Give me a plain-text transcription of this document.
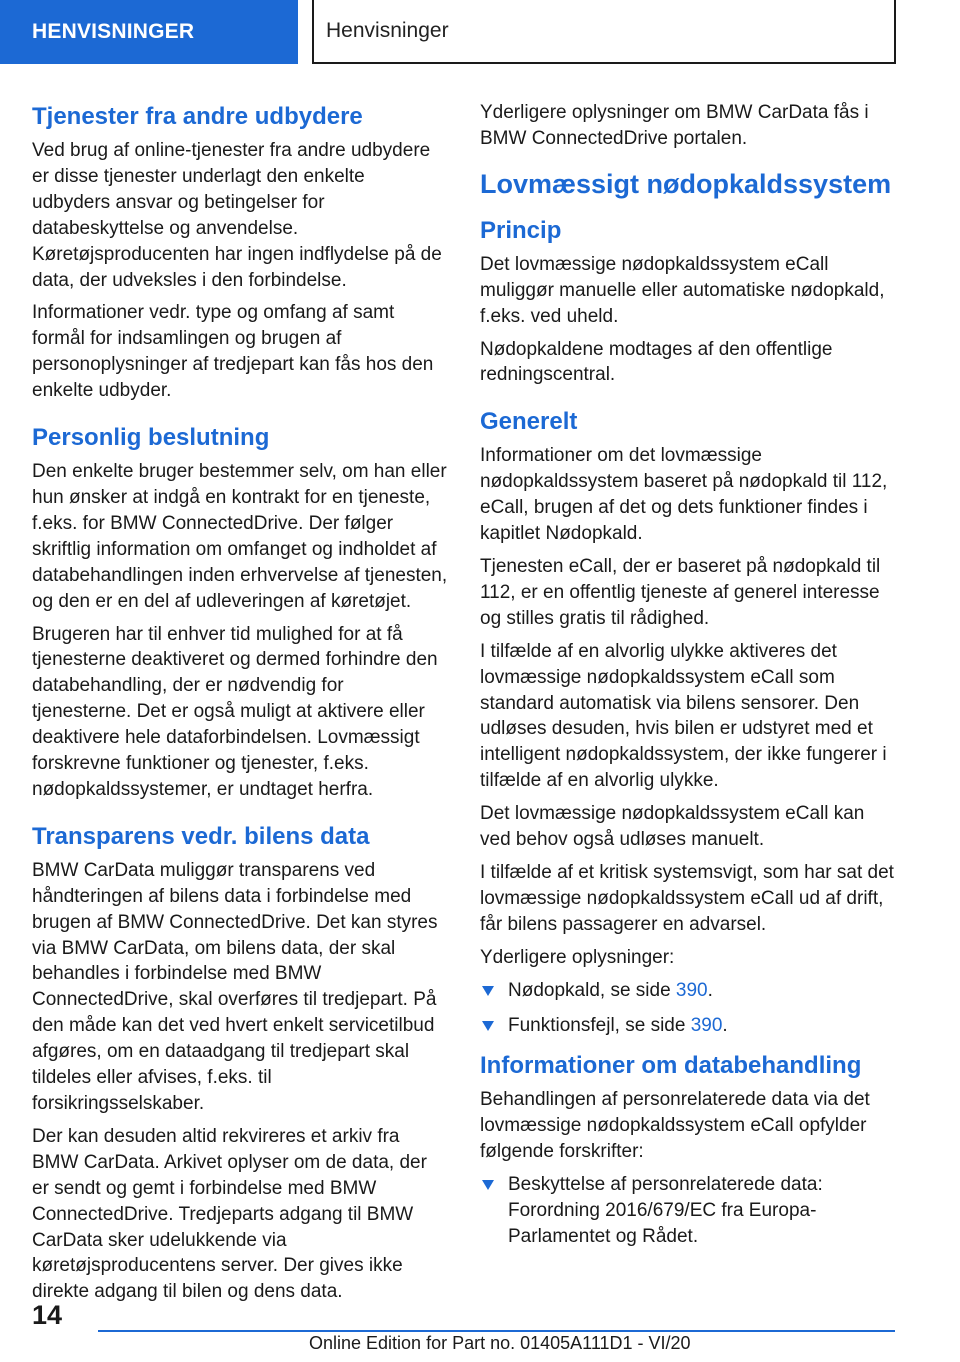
HENVISNINGER	Henvisninger
Tjenester fra andre udbydere

Ved brug af online-tjenester fra andre udbydere er disse tjenester underlagt den enkelte udbyders ansvar og betingelser for databeskyttelse og anvendelse. Køretøjsproducenten har ingen indflydelse på de data, der udveksles i den forbindelse.

Informationer vedr. type og omfang af samt formål for indsamlingen og brugen af personoplysninger af tredjepart kan fås hos den enkelte udbyder.

Personlig beslutning

Den enkelte bruger bestemmer selv, om han eller hun ønsker at indgå en kontrakt for en tjeneste, f.eks. for BMW ConnectedDrive. Der følger skriftlig information om omfanget og indholdet af databehandlingen inden erhvervelse af tjenesten, og den er en del af udleveringen af køretøjet.

Brugeren har til enhver tid mulighed for at få tjenesterne deaktiveret og dermed forhindre den databehandling, der er nødvendig for tjenesterne. Det er også muligt at aktivere eller deaktivere hele dataforbindelsen. Lovmæssigt forskrevne funktioner og tjenester, f.eks. nødopkaldssystemer, er undtaget herfra.

Transparens vedr. bilens data

BMW CarData muliggør transparens ved håndteringen af bilens data i forbindelse med brugen af BMW ConnectedDrive. Det kan styres via BMW CarData, om bilens data, der skal behandles i forbindelse med BMW ConnectedDrive, skal overføres til tredjepart. På den måde kan det ved hvert enkelt servicetilbud afgøres, om en dataadgang til tredjepart skal tildeles eller afvises, f.eks. til forsikringsselskaber.

Der kan desuden altid rekvireres et arkiv fra BMW CarData. Arkivet oplyser om de data, der er sendt og gemt i forbindelse med BMW ConnectedDrive. Tredjeparts adgang til BMW CarData sker udelukkende via køretøjsproducentens server. Der gives ikke direkte adgang til bilen og dens data.

Yderligere oplysninger om BMW CarData fås i BMW ConnectedDrive portalen.

Lovmæssigt nødopkaldssystem
Princip

Det lovmæssige nødopkaldssystem eCall muliggør manuelle eller automatiske nødopkald, f.eks. ved uheld.

Nødopkaldene modtages af den offentlige redningscentral.

Generelt

Informationer om det lovmæssige nødopkaldssystem baseret på nødopkald til 112, eCall, brugen af det og dets funktioner findes i kapitlet Nødopkald.

Tjenesten eCall, der er baseret på nødopkald til 112, er en offentlig tjeneste af generel interesse og stilles gratis til rådighed.

I tilfælde af en alvorlig ulykke aktiveres det lovmæssige nødopkaldssystem eCall som standard automatisk via bilens sensorer. Den udløses desuden, hvis bilen er udstyret med et intelligent nødopkaldssystem, der ikke fungerer i tilfælde af en alvorlig ulykke.

Det lovmæssige nødopkaldssystem eCall kan ved behov også udløses manuelt.

I tilfælde af et kritisk systemsvigt, som har sat det lovmæssige nødopkaldssystem eCall ud af drift, får bilens passagerer en advarsel.

Yderligere oplysninger:

Nødopkald, se side 390.
Funktionsfejl, se side 390.
Informationer om databehandling

Behandlingen af personrelaterede data via det lovmæssige nødopkaldssystem eCall opfylder følgende forskrifter:

Beskyttelse af personrelaterede data: Forordning 2016/679/EC fra Europa-Parlamentet og Rådet.
14
Online Edition for Part no. 01405A111D1 - VI/20
